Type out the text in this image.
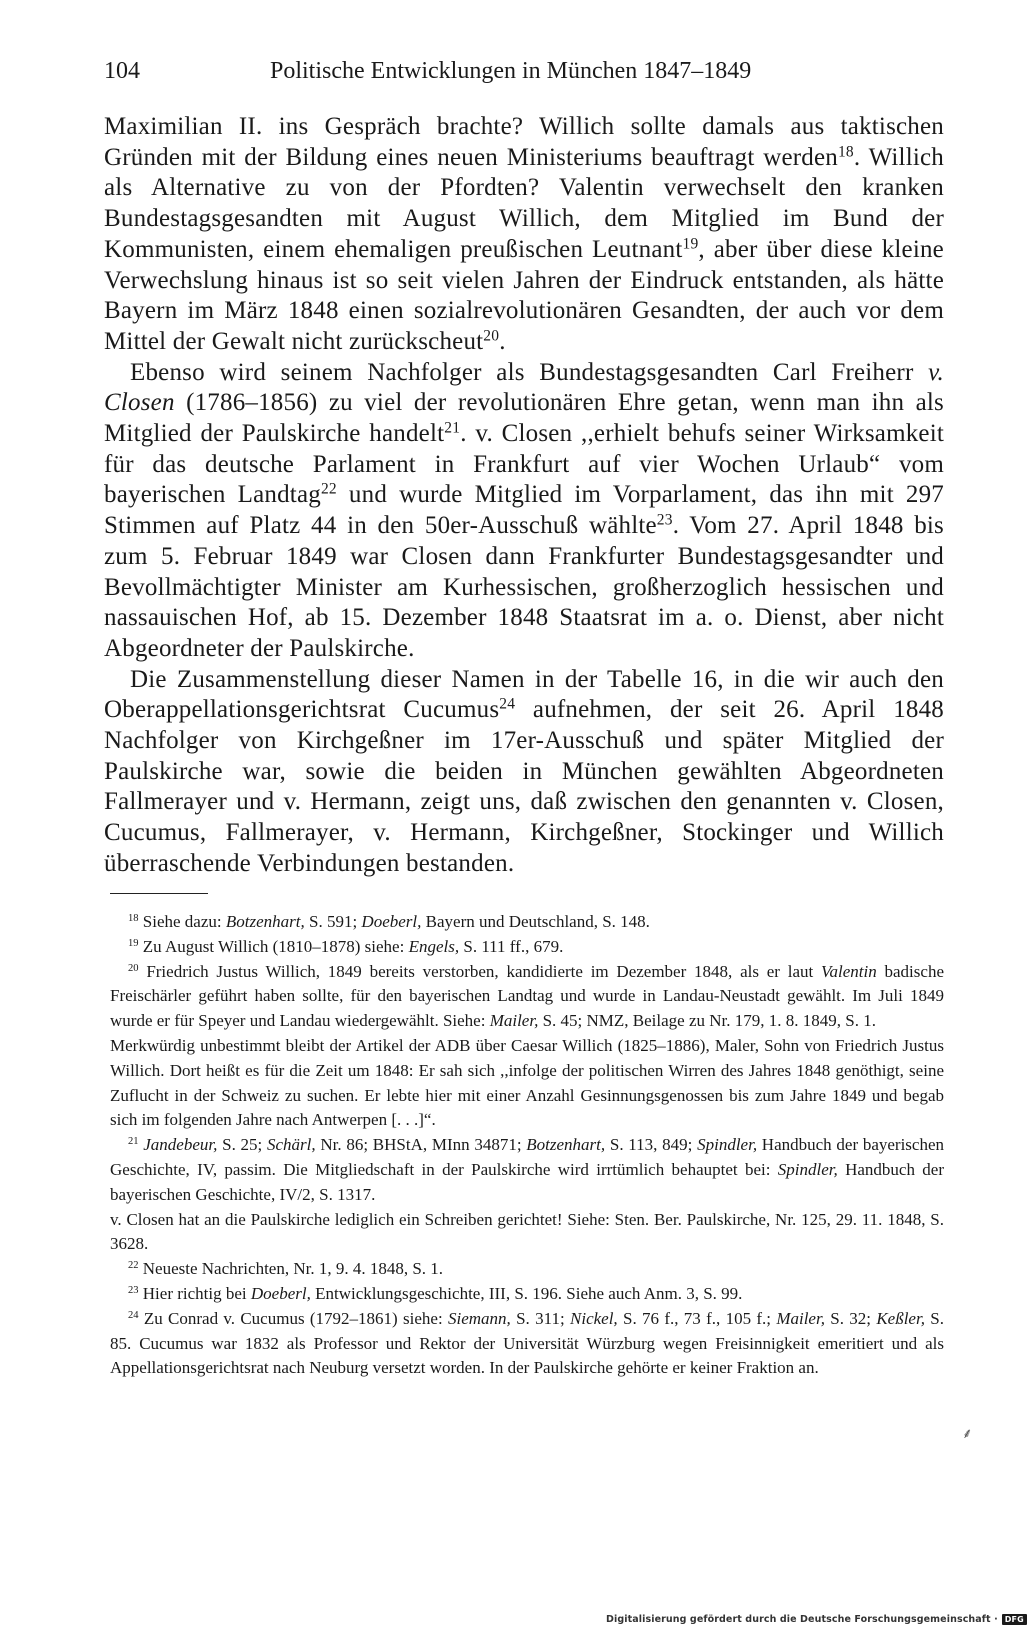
104	Politische Entwicklungen in München 1847–1849

Maximilian II. ins Gespräch brachte? Willich sollte damals aus taktischen Gründen mit der Bildung eines neuen Ministeriums beauftragt werden$^{18}$. Willich als Alternative zu von der Pfordten? Valentin verwechselt den kranken Bundestagsgesandten mit August Willich, dem Mitglied im Bund der Kommunisten, einem ehemaligen preußischen Leutnant$^{19}$, aber über diese kleine Verwechslung hinaus ist so seit vielen Jahren der Eindruck entstanden, als hätte Bayern im März 1848 einen sozialrevolutionären Gesandten, der auch vor dem Mittel der Gewalt nicht zurückscheut$^{20}$.

Ebenso wird seinem Nachfolger als Bundestagsgesandten Carl Freiherr v. Closen (1786–1856) zu viel der revolutionären Ehre getan, wenn man ihn als Mitglied der Paulskirche handelt$^{21}$. v. Closen ,,erhielt behufs seiner Wirksamkeit für das deutsche Parlament in Frankfurt auf vier Wochen Urlaub“ vom bayerischen Landtag$^{22}$ und wurde Mitglied im Vorparlament, das ihn mit 297 Stimmen auf Platz 44 in den 50er-Ausschuß wählte$^{23}$. Vom 27. April 1848 bis zum 5. Februar 1849 war Closen dann Frankfurter Bundestagsgesandter und Bevollmächtigter Minister am Kurhessischen, großherzoglich hessischen und nassauischen Hof, ab 15. Dezember 1848 Staatsrat im a. o. Dienst, aber nicht Abgeordneter der Paulskirche.

Die Zusammenstellung dieser Namen in der Tabelle 16, in die wir auch den Oberappellationsgerichtsrat Cucumus$^{24}$ aufnehmen, der seit 26. April 1848 Nachfolger von Kirchgeßner im 17er-Ausschuß und später Mitglied der Paulskirche war, sowie die beiden in München gewählten Abgeordneten Fallmerayer und v. Hermann, zeigt uns, daß zwischen den genannten v. Closen, Cucumus, Fallmerayer, v. Hermann, Kirchgeßner, Stockinger und Willich überraschende Verbindungen bestanden.

$^{18}$ Siehe dazu: Botzenhart, S. 591; Doeberl, Bayern und Deutschland, S. 148.

$^{19}$ Zu August Willich (1810–1878) siehe: Engels, S. 111 ff., 679.

$^{20}$ Friedrich Justus Willich, 1849 bereits verstorben, kandidierte im Dezember 1848, als er laut Valentin badische Freischärler geführt haben sollte, für den bayerischen Landtag und wurde in Landau-Neustadt gewählt. Im Juli 1849 wurde er für Speyer und Landau wiedergewählt. Siehe: Mailer, S. 45; NMZ, Beilage zu Nr. 179, 1. 8. 1849, S. 1.

Merkwürdig unbestimmt bleibt der Artikel der ADB über Caesar Willich (1825–1886), Maler, Sohn von Friedrich Justus Willich. Dort heißt es für die Zeit um 1848: Er sah sich ,,infolge der politischen Wirren des Jahres 1848 genöthigt, seine Zuflucht in der Schweiz zu suchen. Er lebte hier mit einer Anzahl Gesinnungsgenossen bis zum Jahre 1849 und begab sich im folgenden Jahre nach Antwerpen [. . .]“.

$^{21}$ Jandebeur, S. 25; Schärl, Nr. 86; BHStA, MInn 34871; Botzenhart, S. 113, 849; Spindler, Handbuch der bayerischen Geschichte, IV, passim. Die Mitgliedschaft in der Paulskirche wird irrtümlich behauptet bei: Spindler, Handbuch der bayerischen Geschichte, IV/2, S. 1317.

v. Closen hat an die Paulskirche lediglich ein Schreiben gerichtet! Siehe: Sten. Ber. Paulskirche, Nr. 125, 29. 11. 1848, S. 3628.

$^{22}$ Neueste Nachrichten, Nr. 1, 9. 4. 1848, S. 1.

$^{23}$ Hier richtig bei Doeberl, Entwicklungsgeschichte, III, S. 196. Siehe auch Anm. 3, S. 99.

$^{24}$ Zu Conrad v. Cucumus (1792–1861) siehe: Siemann, S. 311; Nickel, S. 76 f., 73 f., 105 f.; Mailer, S. 32; Keßler, S. 85. Cucumus war 1832 als Professor und Rektor der Universität Würzburg wegen Freisinnigkeit emeritiert und als Appellationsgerichtsrat nach Neuburg versetzt worden. In der Paulskirche gehörte er keiner Fraktion an.

⸙
Digitalisierung gefördert durch die Deutsche Forschungsgemeinschaft · DFG
